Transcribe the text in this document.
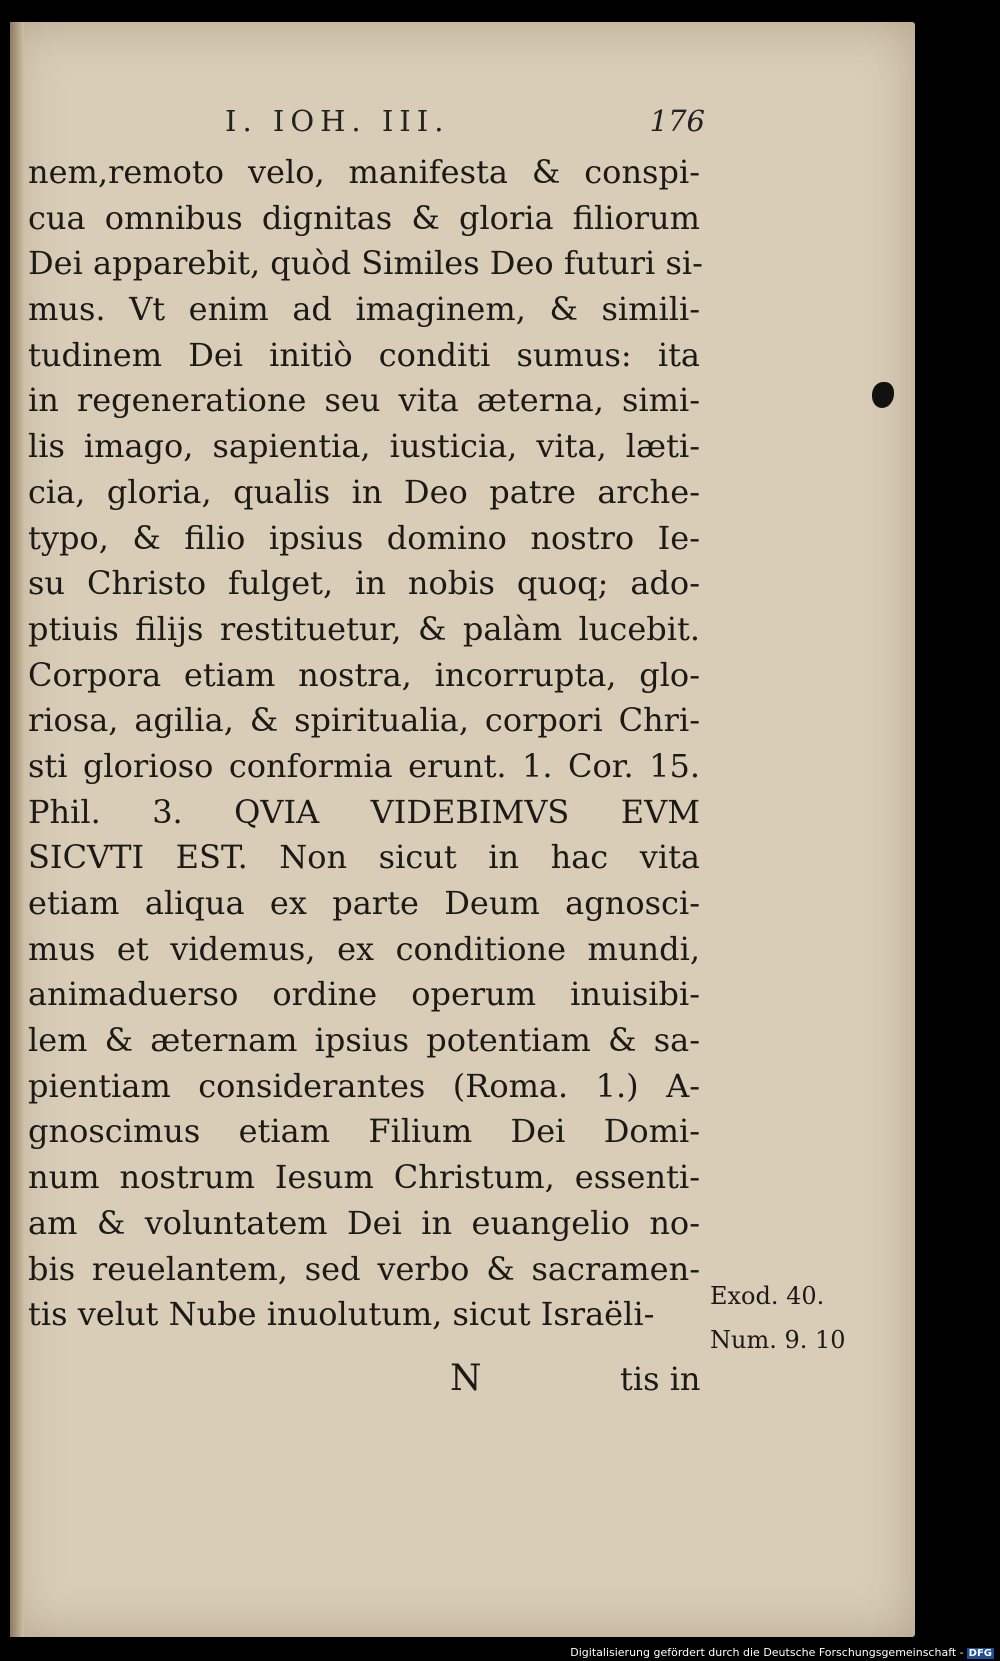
I. IOH. III.	176
nem,remoto velo, manifesta & conspi-
cua omnibus dignitas & gloria filiorum
Dei apparebit, quòd Similes Deo futuri si-
mus. Vt enim ad imaginem, & simili-
tudinem Dei initiò conditi sumus: ita
in regeneratione seu vita æterna, simi-
lis imago, sapientia, iusticia, vita, læti-
cia, gloria, qualis in Deo patre arche-
typo, & filio ipsius domino nostro Ie-
su Christo fulget, in nobis quoq; ado-
ptiuis filijs restituetur, & palàm lucebit.
Corpora etiam nostra, incorrupta, glo-
riosa, agilia, & spiritualia, corpori Chri-
sti glorioso conformia erunt. 1. Cor. 15.
Phil. 3. QVIA VIDEBIMVS EVM
SICVTI EST. Non sicut in hac vita
etiam aliqua ex parte Deum agnosci-
mus et videmus, ex conditione mundi,
animaduerso ordine operum inuisibi-
lem & æternam ipsius potentiam & sa-
pientiam considerantes (Roma. 1.) A-
gnoscimus etiam Filium Dei Domi-
num nostrum Iesum Christum, essenti-
am & voluntatem Dei in euangelio no-
bis reuelantem, sed verbo & sacramen-
tis velut Nube inuolutum, sicut Israëli-	Exod. 40.
Num. 9. 10
N	tis in
Digitalisierung gefördert durch die Deutsche Forschungsgemeinschaft - DFG
